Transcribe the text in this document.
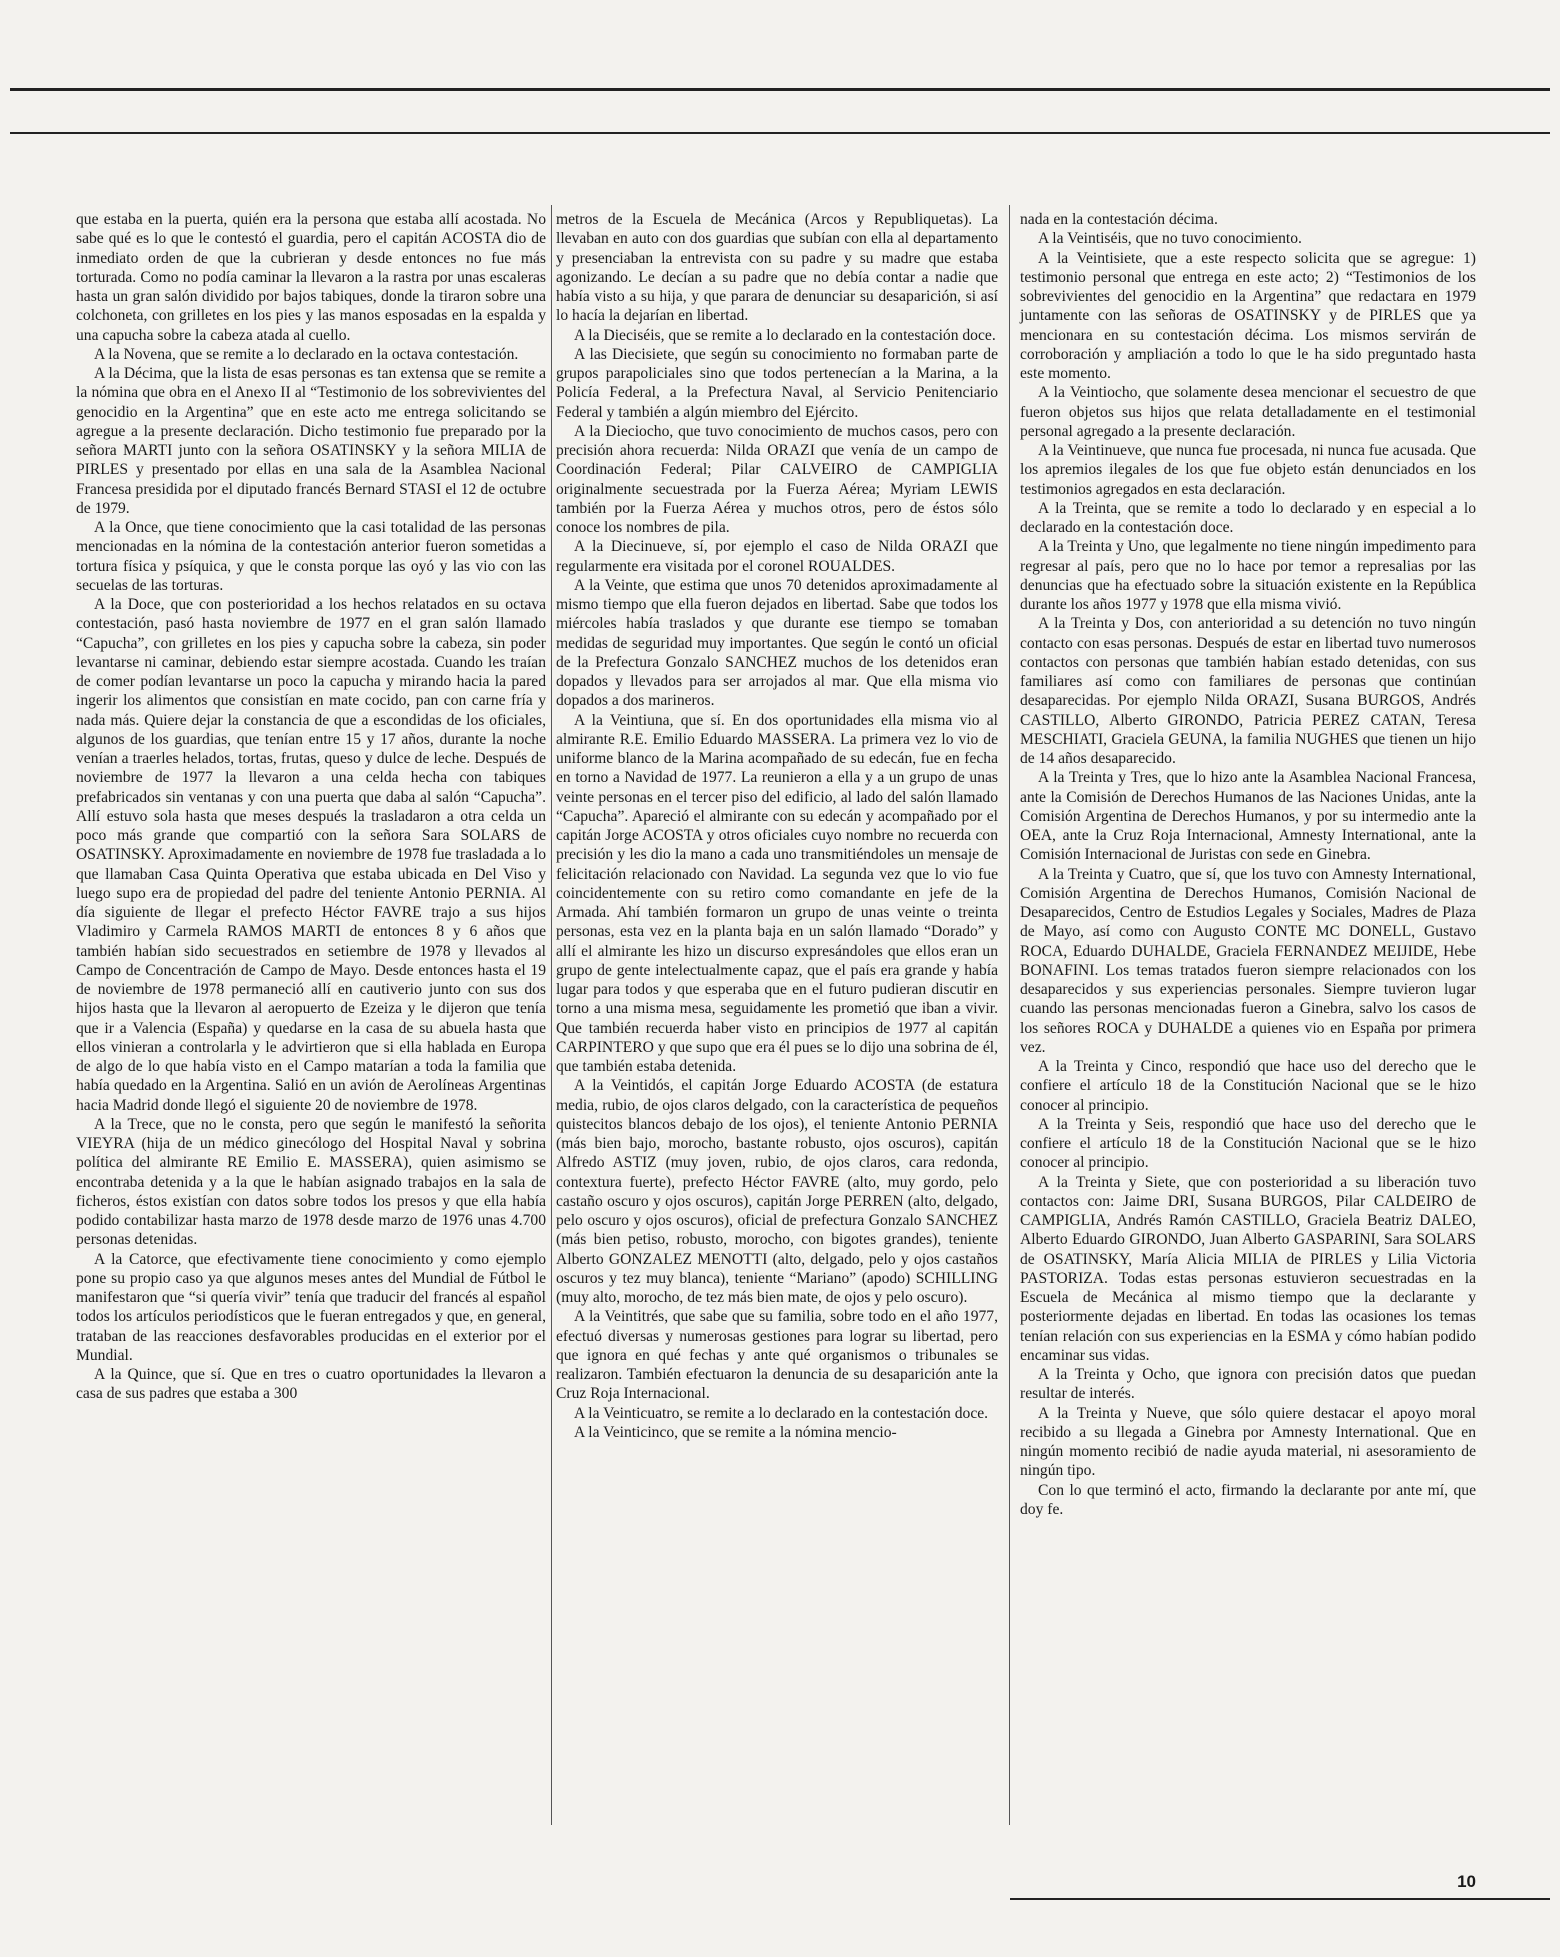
que estaba en la puerta, quién era la persona que estaba allí acostada. No sabe qué es lo que le contestó el guardia, pero el capitán ACOSTA dio de inmediato orden de que la cubrieran y desde entonces no fue más torturada. Como no podía caminar la llevaron a la rastra por unas escaleras hasta un gran salón dividido por bajos tabiques, donde la tiraron sobre una colchoneta, con grilletes en los pies y las manos esposadas en la espalda y una capucha sobre la cabeza atada al cuello.

A la Novena, que se remite a lo declarado en la octava contestación.

A la Décima, que la lista de esas personas es tan extensa que se remite a la nómina que obra en el Anexo II al “Testimonio de los sobrevivientes del genocidio en la Argentina” que en este acto me entrega solicitando se agregue a la presente declaración. Dicho testimonio fue preparado por la señora MARTI junto con la señora OSATINSKY y la señora MILIA de PIRLES y presentado por ellas en una sala de la Asamblea Nacional Francesa presidida por el diputado francés Bernard STASI el 12 de octubre de 1979.

A la Once, que tiene conocimiento que la casi totalidad de las personas mencionadas en la nómina de la contestación anterior fueron sometidas a tortura física y psíquica, y que le consta porque las oyó y las vio con las secuelas de las torturas.

A la Doce, que con posterioridad a los hechos relatados en su octava contestación, pasó hasta noviembre de 1977 en el gran salón llamado “Capucha”, con grilletes en los pies y capucha sobre la cabeza, sin poder levantarse ni caminar, debiendo estar siempre acostada. Cuando les traían de comer podían levantarse un poco la capucha y mirando hacia la pared ingerir los alimentos que consistían en mate cocido, pan con carne fría y nada más. Quiere dejar la constancia de que a escondidas de los oficiales, algunos de los guardias, que tenían entre 15 y 17 años, durante la noche venían a traerles helados, tortas, frutas, queso y dulce de leche. Después de noviembre de 1977 la llevaron a una celda hecha con tabiques prefabricados sin ventanas y con una puerta que daba al salón “Capucha”. Allí estuvo sola hasta que meses después la trasladaron a otra celda un poco más grande que compartió con la señora Sara SOLARS de OSATINSKY. Aproximadamente en noviembre de 1978 fue trasladada a lo que llamaban Casa Quinta Operativa que estaba ubicada en Del Viso y luego supo era de propiedad del padre del teniente Antonio PERNIA. Al día siguiente de llegar el prefecto Héctor FAVRE trajo a sus hijos Vladimiro y Carmela RAMOS MARTI de entonces 8 y 6 años que también habían sido secuestrados en setiembre de 1978 y llevados al Campo de Concentración de Campo de Mayo. Desde entonces hasta el 19 de noviembre de 1978 permaneció allí en cautiverio junto con sus dos hijos hasta que la llevaron al aeropuerto de Ezeiza y le dijeron que tenía que ir a Valencia (España) y quedarse en la casa de su abuela hasta que ellos vinieran a controlarla y le advirtieron que si ella hablada en Europa de algo de lo que había visto en el Campo matarían a toda la familia que había quedado en la Argentina. Salió en un avión de Aerolíneas Argentinas hacia Madrid donde llegó el siguiente 20 de noviembre de 1978.

A la Trece, que no le consta, pero que según le manifestó la señorita VIEYRA (hija de un médico ginecólogo del Hospital Naval y sobrina política del almirante RE Emilio E. MASSERA), quien asimismo se encontraba detenida y a la que le habían asignado trabajos en la sala de ficheros, éstos existían con datos sobre todos los presos y que ella había podido contabilizar hasta marzo de 1978 desde marzo de 1976 unas 4.700 personas detenidas.

A la Catorce, que efectivamente tiene conocimiento y como ejemplo pone su propio caso ya que algunos meses antes del Mundial de Fútbol le manifestaron que “si quería vivir” tenía que traducir del francés al español todos los artículos periodísticos que le fueran entregados y que, en general, trataban de las reacciones desfavorables producidas en el exterior por el Mundial.

A la Quince, que sí. Que en tres o cuatro oportunidades la llevaron a casa de sus padres que estaba a 300

metros de la Escuela de Mecánica (Arcos y Republiquetas). La llevaban en auto con dos guardias que subían con ella al departamento y presenciaban la entrevista con su padre y su madre que estaba agonizando. Le decían a su padre que no debía contar a nadie que había visto a su hija, y que parara de denunciar su desaparición, si así lo hacía la dejarían en libertad.

A la Dieciséis, que se remite a lo declarado en la contestación doce.

A las Diecisiete, que según su conocimiento no formaban parte de grupos parapoliciales sino que todos pertenecían a la Marina, a la Policía Federal, a la Prefectura Naval, al Servicio Penitenciario Federal y también a algún miembro del Ejército.

A la Dieciocho, que tuvo conocimiento de muchos casos, pero con precisión ahora recuerda: Nilda ORAZI que venía de un campo de Coordinación Federal; Pilar CALVEIRO de CAMPIGLIA originalmente secuestrada por la Fuerza Aérea; Myriam LEWIS también por la Fuerza Aérea y muchos otros, pero de éstos sólo conoce los nombres de pila.

A la Diecinueve, sí, por ejemplo el caso de Nilda ORAZI que regularmente era visitada por el coronel ROUALDES.

A la Veinte, que estima que unos 70 detenidos aproximadamente al mismo tiempo que ella fueron dejados en libertad. Sabe que todos los miércoles había traslados y que durante ese tiempo se tomaban medidas de seguridad muy importantes. Que según le contó un oficial de la Prefectura Gonzalo SANCHEZ muchos de los detenidos eran dopados y llevados para ser arrojados al mar. Que ella misma vio dopados a dos marineros.

A la Veintiuna, que sí. En dos oportunidades ella misma vio al almirante R.E. Emilio Eduardo MASSERA. La primera vez lo vio de uniforme blanco de la Marina acompañado de su edecán, fue en fecha en torno a Navidad de 1977. La reunieron a ella y a un grupo de unas veinte personas en el tercer piso del edificio, al lado del salón llamado “Capucha”. Apareció el almirante con su edecán y acompañado por el capitán Jorge ACOSTA y otros oficiales cuyo nombre no recuerda con precisión y les dio la mano a cada uno transmitiéndoles un mensaje de felicitación relacionado con Navidad. La segunda vez que lo vio fue coincidentemente con su retiro como comandante en jefe de la Armada. Ahí también formaron un grupo de unas veinte o treinta personas, esta vez en la planta baja en un salón llamado “Dorado” y allí el almirante les hizo un discurso expresándoles que ellos eran un grupo de gente intelectualmente capaz, que el país era grande y había lugar para todos y que esperaba que en el futuro pudieran discutir en torno a una misma mesa, seguidamente les prometió que iban a vivir. Que también recuerda haber visto en principios de 1977 al capitán CARPINTERO y que supo que era él pues se lo dijo una sobrina de él, que también estaba detenida.

A la Veintidós, el capitán Jorge Eduardo ACOSTA (de estatura media, rubio, de ojos claros delgado, con la característica de pequeños quistecitos blancos debajo de los ojos), el teniente Antonio PERNIA (más bien bajo, morocho, bastante robusto, ojos oscuros), capitán Alfredo ASTIZ (muy joven, rubio, de ojos claros, cara redonda, contextura fuerte), prefecto Héctor FAVRE (alto, muy gordo, pelo castaño oscuro y ojos oscuros), capitán Jorge PERREN (alto, delgado, pelo oscuro y ojos oscuros), oficial de prefectura Gonzalo SANCHEZ (más bien petiso, robusto, morocho, con bigotes grandes), teniente Alberto GONZALEZ MENOTTI (alto, delgado, pelo y ojos castaños oscuros y tez muy blanca), teniente “Mariano” (apodo) SCHILLING (muy alto, morocho, de tez más bien mate, de ojos y pelo oscuro).

A la Veintitrés, que sabe que su familia, sobre todo en el año 1977, efectuó diversas y numerosas gestiones para lograr su libertad, pero que ignora en qué fechas y ante qué organismos o tribunales se realizaron. También efectuaron la denuncia de su desaparición ante la Cruz Roja Internacional.

A la Veinticuatro, se remite a lo declarado en la contestación doce.

A la Veinticinco, que se remite a la nómina mencio-

nada en la contestación décima.

A la Veintiséis, que no tuvo conocimiento.

A la Veintisiete, que a este respecto solicita que se agregue: 1) testimonio personal que entrega en este acto; 2) “Testimonios de los sobrevivientes del genocidio en la Argentina” que redactara en 1979 juntamente con las señoras de OSATINSKY y de PIRLES que ya mencionara en su contestación décima. Los mismos servirán de corroboración y ampliación a todo lo que le ha sido preguntado hasta este momento.

A la Veintiocho, que solamente desea mencionar el secuestro de que fueron objetos sus hijos que relata detalladamente en el testimonial personal agregado a la presente declaración.

A la Veintinueve, que nunca fue procesada, ni nunca fue acusada. Que los apremios ilegales de los que fue objeto están denunciados en los testimonios agregados en esta declaración.

A la Treinta, que se remite a todo lo declarado y en especial a lo declarado en la contestación doce.

A la Treinta y Uno, que legalmente no tiene ningún impedimento para regresar al país, pero que no lo hace por temor a represalias por las denuncias que ha efectuado sobre la situación existente en la República durante los años 1977 y 1978 que ella misma vivió.

A la Treinta y Dos, con anterioridad a su detención no tuvo ningún contacto con esas personas. Después de estar en libertad tuvo numerosos contactos con personas que también habían estado detenidas, con sus familiares así como con familiares de personas que continúan desaparecidas. Por ejemplo Nilda ORAZI, Susana BURGOS, Andrés CASTILLO, Alberto GIRONDO, Patricia PEREZ CATAN, Teresa MESCHIATI, Graciela GEUNA, la familia NUGHES que tienen un hijo de 14 años desaparecido.

A la Treinta y Tres, que lo hizo ante la Asamblea Nacional Francesa, ante la Comisión de Derechos Humanos de las Naciones Unidas, ante la Comisión Argentina de Derechos Humanos, y por su intermedio ante la OEA, ante la Cruz Roja Internacional, Amnesty International, ante la Comisión Internacional de Juristas con sede en Ginebra.

A la Treinta y Cuatro, que sí, que los tuvo con Amnesty International, Comisión Argentina de Derechos Humanos, Comisión Nacional de Desaparecidos, Centro de Estudios Legales y Sociales, Madres de Plaza de Mayo, así como con Augusto CONTE MC DONELL, Gustavo ROCA, Eduardo DUHALDE, Graciela FERNANDEZ MEIJIDE, Hebe BONAFINI. Los temas tratados fueron siempre relacionados con los desaparecidos y sus experiencias personales. Siempre tuvieron lugar cuando las personas mencionadas fueron a Ginebra, salvo los casos de los señores ROCA y DUHALDE a quienes vio en España por primera vez.

A la Treinta y Cinco, respondió que hace uso del derecho que le confiere el artículo 18 de la Constitución Nacional que se le hizo conocer al principio.

A la Treinta y Seis, respondió que hace uso del derecho que le confiere el artículo 18 de la Constitución Nacional que se le hizo conocer al principio.

A la Treinta y Siete, que con posterioridad a su liberación tuvo contactos con: Jaime DRI, Susana BURGOS, Pilar CALDEIRO de CAMPIGLIA, Andrés Ramón CASTILLO, Graciela Beatriz DALEO, Alberto Eduardo GIRONDO, Juan Alberto GASPARINI, Sara SOLARS de OSATINSKY, María Alicia MILIA de PIRLES y Lilia Victoria PASTORIZA. Todas estas personas estuvieron secuestradas en la Escuela de Mecánica al mismo tiempo que la declarante y posteriormente dejadas en libertad. En todas las ocasiones los temas tenían relación con sus experiencias en la ESMA y cómo habían podido encaminar sus vidas.

A la Treinta y Ocho, que ignora con precisión datos que puedan resultar de interés.

A la Treinta y Nueve, que sólo quiere destacar el apoyo moral recibido a su llegada a Ginebra por Amnesty International. Que en ningún momento recibió de nadie ayuda material, ni asesoramiento de ningún tipo.

Con lo que terminó el acto, firmando la declarante por ante mí, que doy fe.

10
